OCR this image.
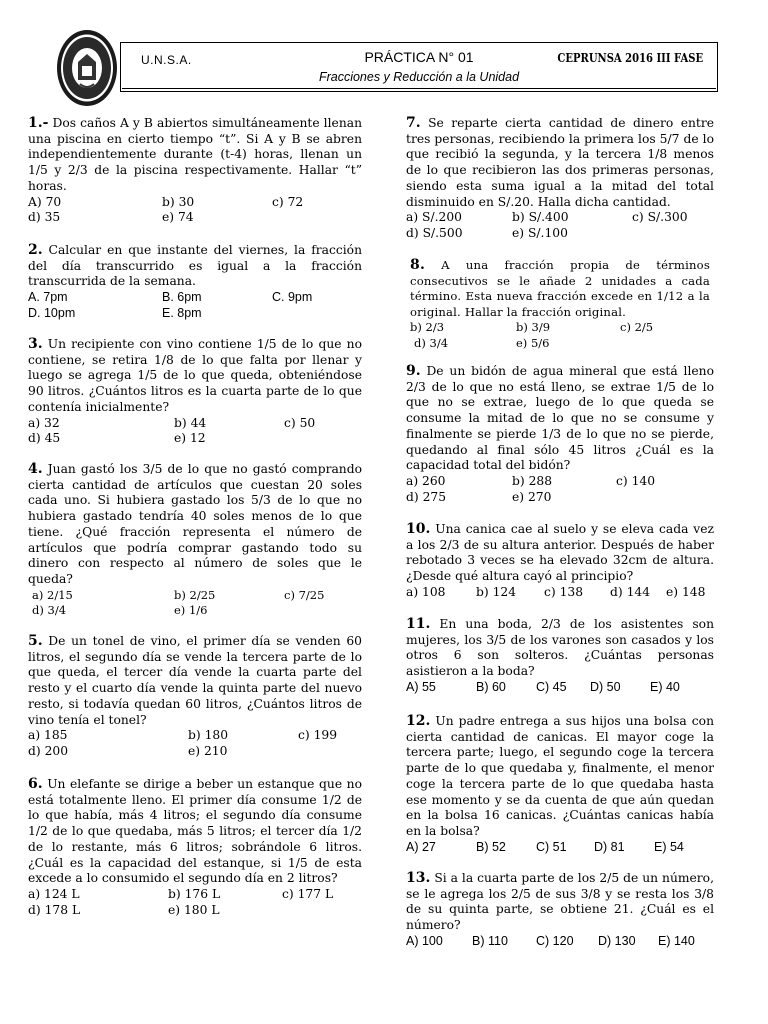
U.N.S.A.	PRÁCTICA N° 01
Fracciones y Reducción a la Unidad
CEPRUNSA 2016 III FASE

1.- Dos caños A y B abiertos simultáneamente llenan una piscina en cierto tiempo “t”. Si A y B se abren independientemente durante (t-4) horas, llenan un 1/5 y 2/3 de la piscina respectivamente. Hallar “t” horas.

A) 70	b) 30	c) 72
d) 35	e) 74

2. Calcular en que instante del viernes, la fracción del día transcurrido es igual a la fracción transcurrida de la semana.

A. 7pm	B. 6pm	C. 9pm
D. 10pm	E. 8pm

3. Un recipiente con vino contiene 1/5 de lo que no contiene, se retira 1/8 de lo que falta por llenar y luego se agrega 1/5 de lo que queda, obteniéndose 90 litros. ¿Cuántos litros es la cuarta parte de lo que contenía inicialmente?

a) 32	b) 44	c) 50
d) 45	e) 12

4. Juan gastó los 3/5 de lo que no gastó comprando cierta cantidad de artículos que cuestan 20 soles cada uno. Si hubiera gastado los 5/3 de lo que no hubiera gastado tendría 40 soles menos de lo que tiene. ¿Qué fracción representa el número de artículos que podría comprar gastando todo su dinero con respecto al número de soles que le queda?

a) 2/15	b) 2/25	c) 7/25
d) 3/4	e) 1/6

5. De un tonel de vino, el primer día se venden 60 litros, el segundo día se vende la tercera parte de lo que queda, el tercer día vende la cuarta parte del resto y el cuarto día vende la quinta parte del nuevo resto, si todavía quedan 60 litros, ¿Cuántos litros de vino tenía el tonel?

a) 185	b) 180	c) 199
d) 200	e) 210

6. Un elefante se dirige a beber un estanque que no está totalmente lleno. El primer día consume 1/2 de lo que había, más 4 litros; el segundo día consume 1/2 de lo que quedaba, más 5 litros; el tercer día 1/2 de lo restante, más 6 litros; sobrándole 6 litros. ¿Cuál es la capacidad del estanque, si 1/5 de esta excede a lo consumido el segundo día en 2 litros?

a) 124 L	b) 176 L	c) 177 L
d) 178 L	e) 180 L

7. Se reparte cierta cantidad de dinero entre tres personas, recibiendo la primera los 5/7 de lo que recibió la segunda, y la tercera 1/8 menos de lo que recibieron las dos primeras personas, siendo esta suma igual a la mitad del total disminuido en S/.20. Halla dicha cantidad.

a) S/.200	b) S/.400	c) S/.300
d) S/.500	e) S/.100

8. A una fracción propia de términos consecutivos se le añade 2 unidades a cada término. Esta nueva fracción excede en 1/12 a la original. Hallar la fracción original.

b) 2/3	b) 3/9	c) 2/5
d) 3/4	e) 5/6

9. De un bidón de agua mineral que está lleno 2/3 de lo que no está lleno, se extrae 1/5 de lo que no se extrae, luego de lo que queda se consume la mitad de lo que no se consume y finalmente se pierde 1/3 de lo que no se pierde, quedando al final sólo 45 litros ¿Cuál es la capacidad total del bidón?

a) 260	b) 288	c) 140
d) 275	e) 270

10. Una canica cae al suelo y se eleva cada vez a los 2/3 de su altura anterior. Después de haber rebotado 3 veces se ha elevado 32cm de altura. ¿Desde qué altura cayó al principio?

a) 108 b) 124 c) 138 d) 144 e) 148

11. En una boda, 2/3 de los asistentes son mujeres, los 3/5 de los varones son casados y los otros 6 son solteros. ¿Cuántas personas asistieron a la boda?

A) 55	B) 60 C) 45 D) 50 E) 40

12. Un padre entrega a sus hijos una bolsa con cierta cantidad de canicas. El mayor coge la tercera parte; luego, el segundo coge la tercera parte de lo que quedaba y, finalmente, el menor coge la tercera parte de lo que quedaba hasta ese momento y se da cuenta de que aún quedan en la bolsa 16 canicas. ¿Cuántas canicas había en la bolsa?

A) 27	B) 52 C) 51 D) 81 E) 54

13. Si a la cuarta parte de los 2/5 de un número, se le agrega los 2/5 de sus 3/8 y se resta los 3/8 de su quinta parte, se obtiene 21. ¿Cuál es el número?

A) 100 B) 110 C) 120 D) 130 E) 140
